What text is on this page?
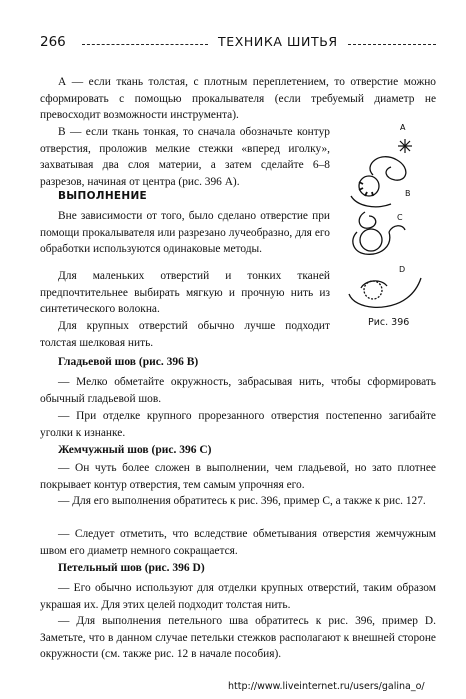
266	ТЕХНИКА ШИТЬЯ

А — если ткань толстая, с плотным переплетением, то отверстие можно сформировать с помощью прокалывателя (если требуемый диаметр не превосходит возможности инструмента).

В — если ткань тонкая, то сначала обозначьте контур отверстия, проложив мелкие стежки «вперед иголку», захватывая два слоя материи, а затем сделайте 6–8 разрезов, начиная от центра (рис. 396 А).

ВЫПОЛНЕНИЕ

Вне зависимости от того, было сделано отверстие при помощи прокалывателя или разрезано лучеобразно, для его обработки используются одинаковые методы.

Для маленьких отверстий и тонких тканей предпочтительнее выбирать мягкую и прочную нить из синтетического волокна.

Для крупных отверстий обычно лучше подходит толстая шелковая нить.

A
B
C
D
Рис. 396
Гладьевой шов (рис. 396 В)

— Мелко обметайте окружность, забрасывая нить, чтобы сформировать обычный гладьевой шов.

— При отделке крупного прорезанного отверстия постепенно загибайте уголки к изнанке.

Жемчужный шов (рис. 396 С)

— Он чуть более сложен в выполнении, чем гладьевой, но зато плотнее покрывает контур отверстия, тем самым упрочняя его.

— Для его выполнения обратитесь к рис. 396, пример С, а также к рис. 127.

— Следует отметить, что вследствие обметывания отверстия жемчужным швом его диаметр немного сокращается.

Петельный шов (рис. 396 D)

— Его обычно используют для отделки крупных отверстий, таким образом украшая их. Для этих целей подходит толстая нить.

— Для выполнения петельного шва обратитесь к рис. 396, пример D. Заметьте, что в данном случае петельки стежков располагают к внешней стороне окружности (см. также рис. 12 в начале пособия).

http://www.liveinternet.ru/users/galina_o/
